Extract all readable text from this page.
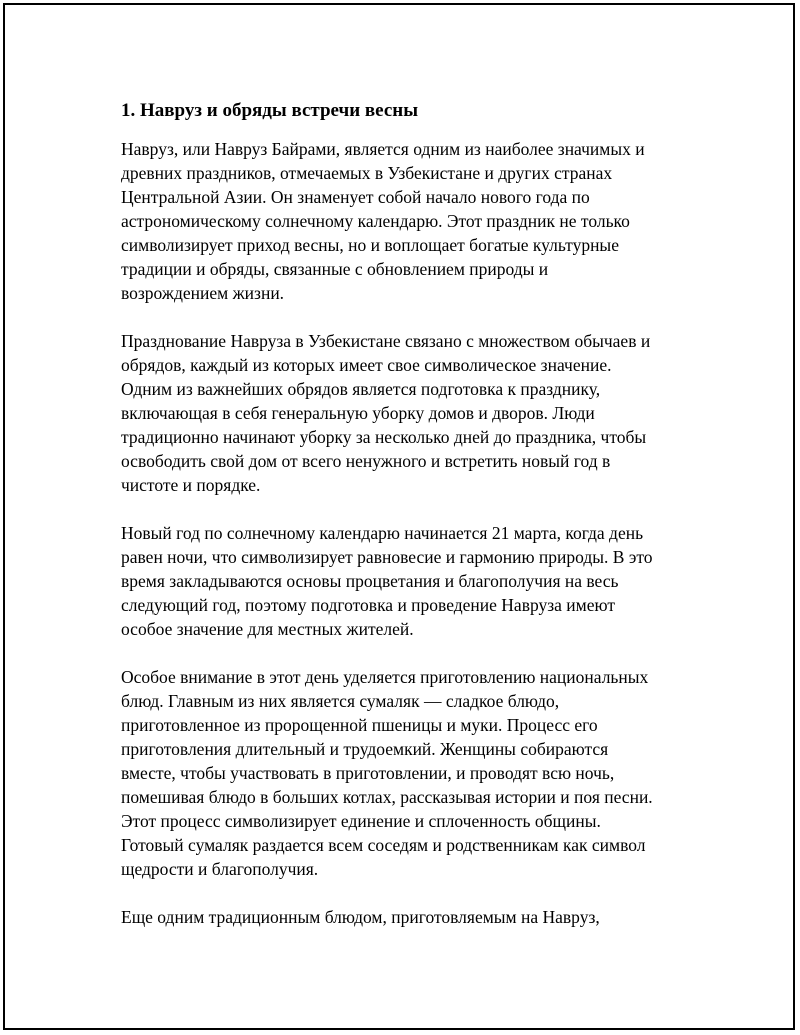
1. Навруз и обряды встречи весны

Навруз, или Навруз Байрами, является одним из наиболее значимых и
древних праздников, отмечаемых в Узбекистане и других странах
Центральной Азии. Он знаменует собой начало нового года по
астрономическому солнечному календарю. Этот праздник не только
символизирует приход весны, но и воплощает богатые культурные
традиции и обряды, связанные с обновлением природы и
возрождением жизни.

Празднование Навруза в Узбекистане связано с множеством обычаев и
обрядов, каждый из которых имеет свое символическое значение.
Одним из важнейших обрядов является подготовка к празднику,
включающая в себя генеральную уборку домов и дворов. Люди
традиционно начинают уборку за несколько дней до праздника, чтобы
освободить свой дом от всего ненужного и встретить новый год в
чистоте и порядке.

Новый год по солнечному календарю начинается 21 марта, когда день
равен ночи, что символизирует равновесие и гармонию природы. В это
время закладываются основы процветания и благополучия на весь
следующий год, поэтому подготовка и проведение Навруза имеют
особое значение для местных жителей.

Особое внимание в этот день уделяется приготовлению национальных
блюд. Главным из них является сумаляк — сладкое блюдо,
приготовленное из пророщенной пшеницы и муки. Процесс его
приготовления длительный и трудоемкий. Женщины собираются
вместе, чтобы участвовать в приготовлении, и проводят всю ночь,
помешивая блюдо в больших котлах, рассказывая истории и поя песни.
Этот процесс символизирует единение и сплоченность общины.
Готовый сумаляк раздается всем соседям и родственникам как символ
щедрости и благополучия.

Еще одним традиционным блюдом, приготовляемым на Навруз,
